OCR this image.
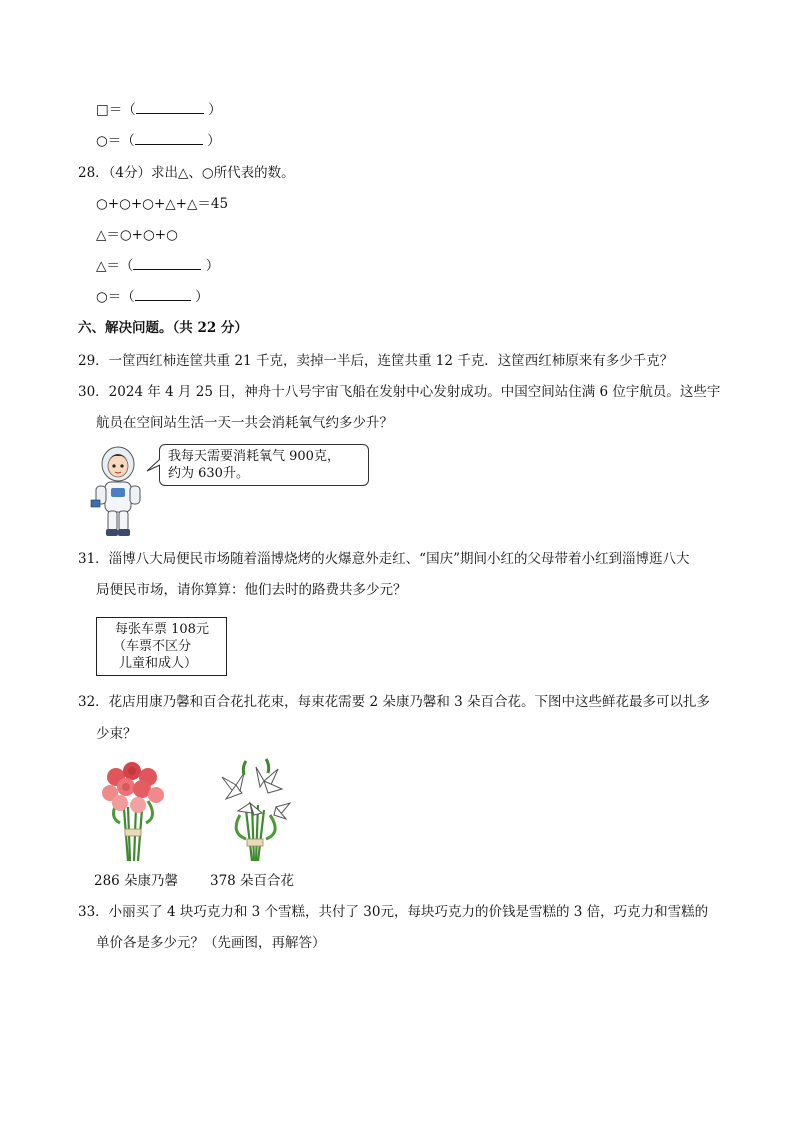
□＝（	）
○＝（	）
28．（4分）求出△、○所代表的数。
○+○+○+△+△＝45
△＝○+○+○
△＝（	）
○＝（	）
六、解决问题。（共 22 分）
29．一筐西红柿连筐共重 21 千克，卖掉一半后，连筐共重 12 千克．这筐西红柿原来有多少千克？
30．2024 年 4 月 25 日，神舟十八号宇宙飞船在发射中心发射成功。中国空间站住满 6 位宇航员。这些宇
航员在空间站生活一天一共会消耗氧气约多少升？
我每天需要消耗氧气 900克，
约为 630升。
31．淄博八大局便民市场随着淄博烧烤的火爆意外走红、“国庆”期间小红的父母带着小红到淄博逛八大
局便民市场，请你算算：他们去时的路费共多少元？
每张车票 108元
（车票不区分
儿童和成人）
32．花店用康乃馨和百合花扎花束，每束花需要 2 朵康乃馨和 3 朵百合花。下图中这些鲜花最多可以扎多
少束？
286 朵康乃馨 378 朵百合花
33．小丽买了 4 块巧克力和 3 个雪糕，共付了 30元，每块巧克力的价钱是雪糕的 3 倍，巧克力和雪糕的
单价各是多少元？（先画图，再解答）
